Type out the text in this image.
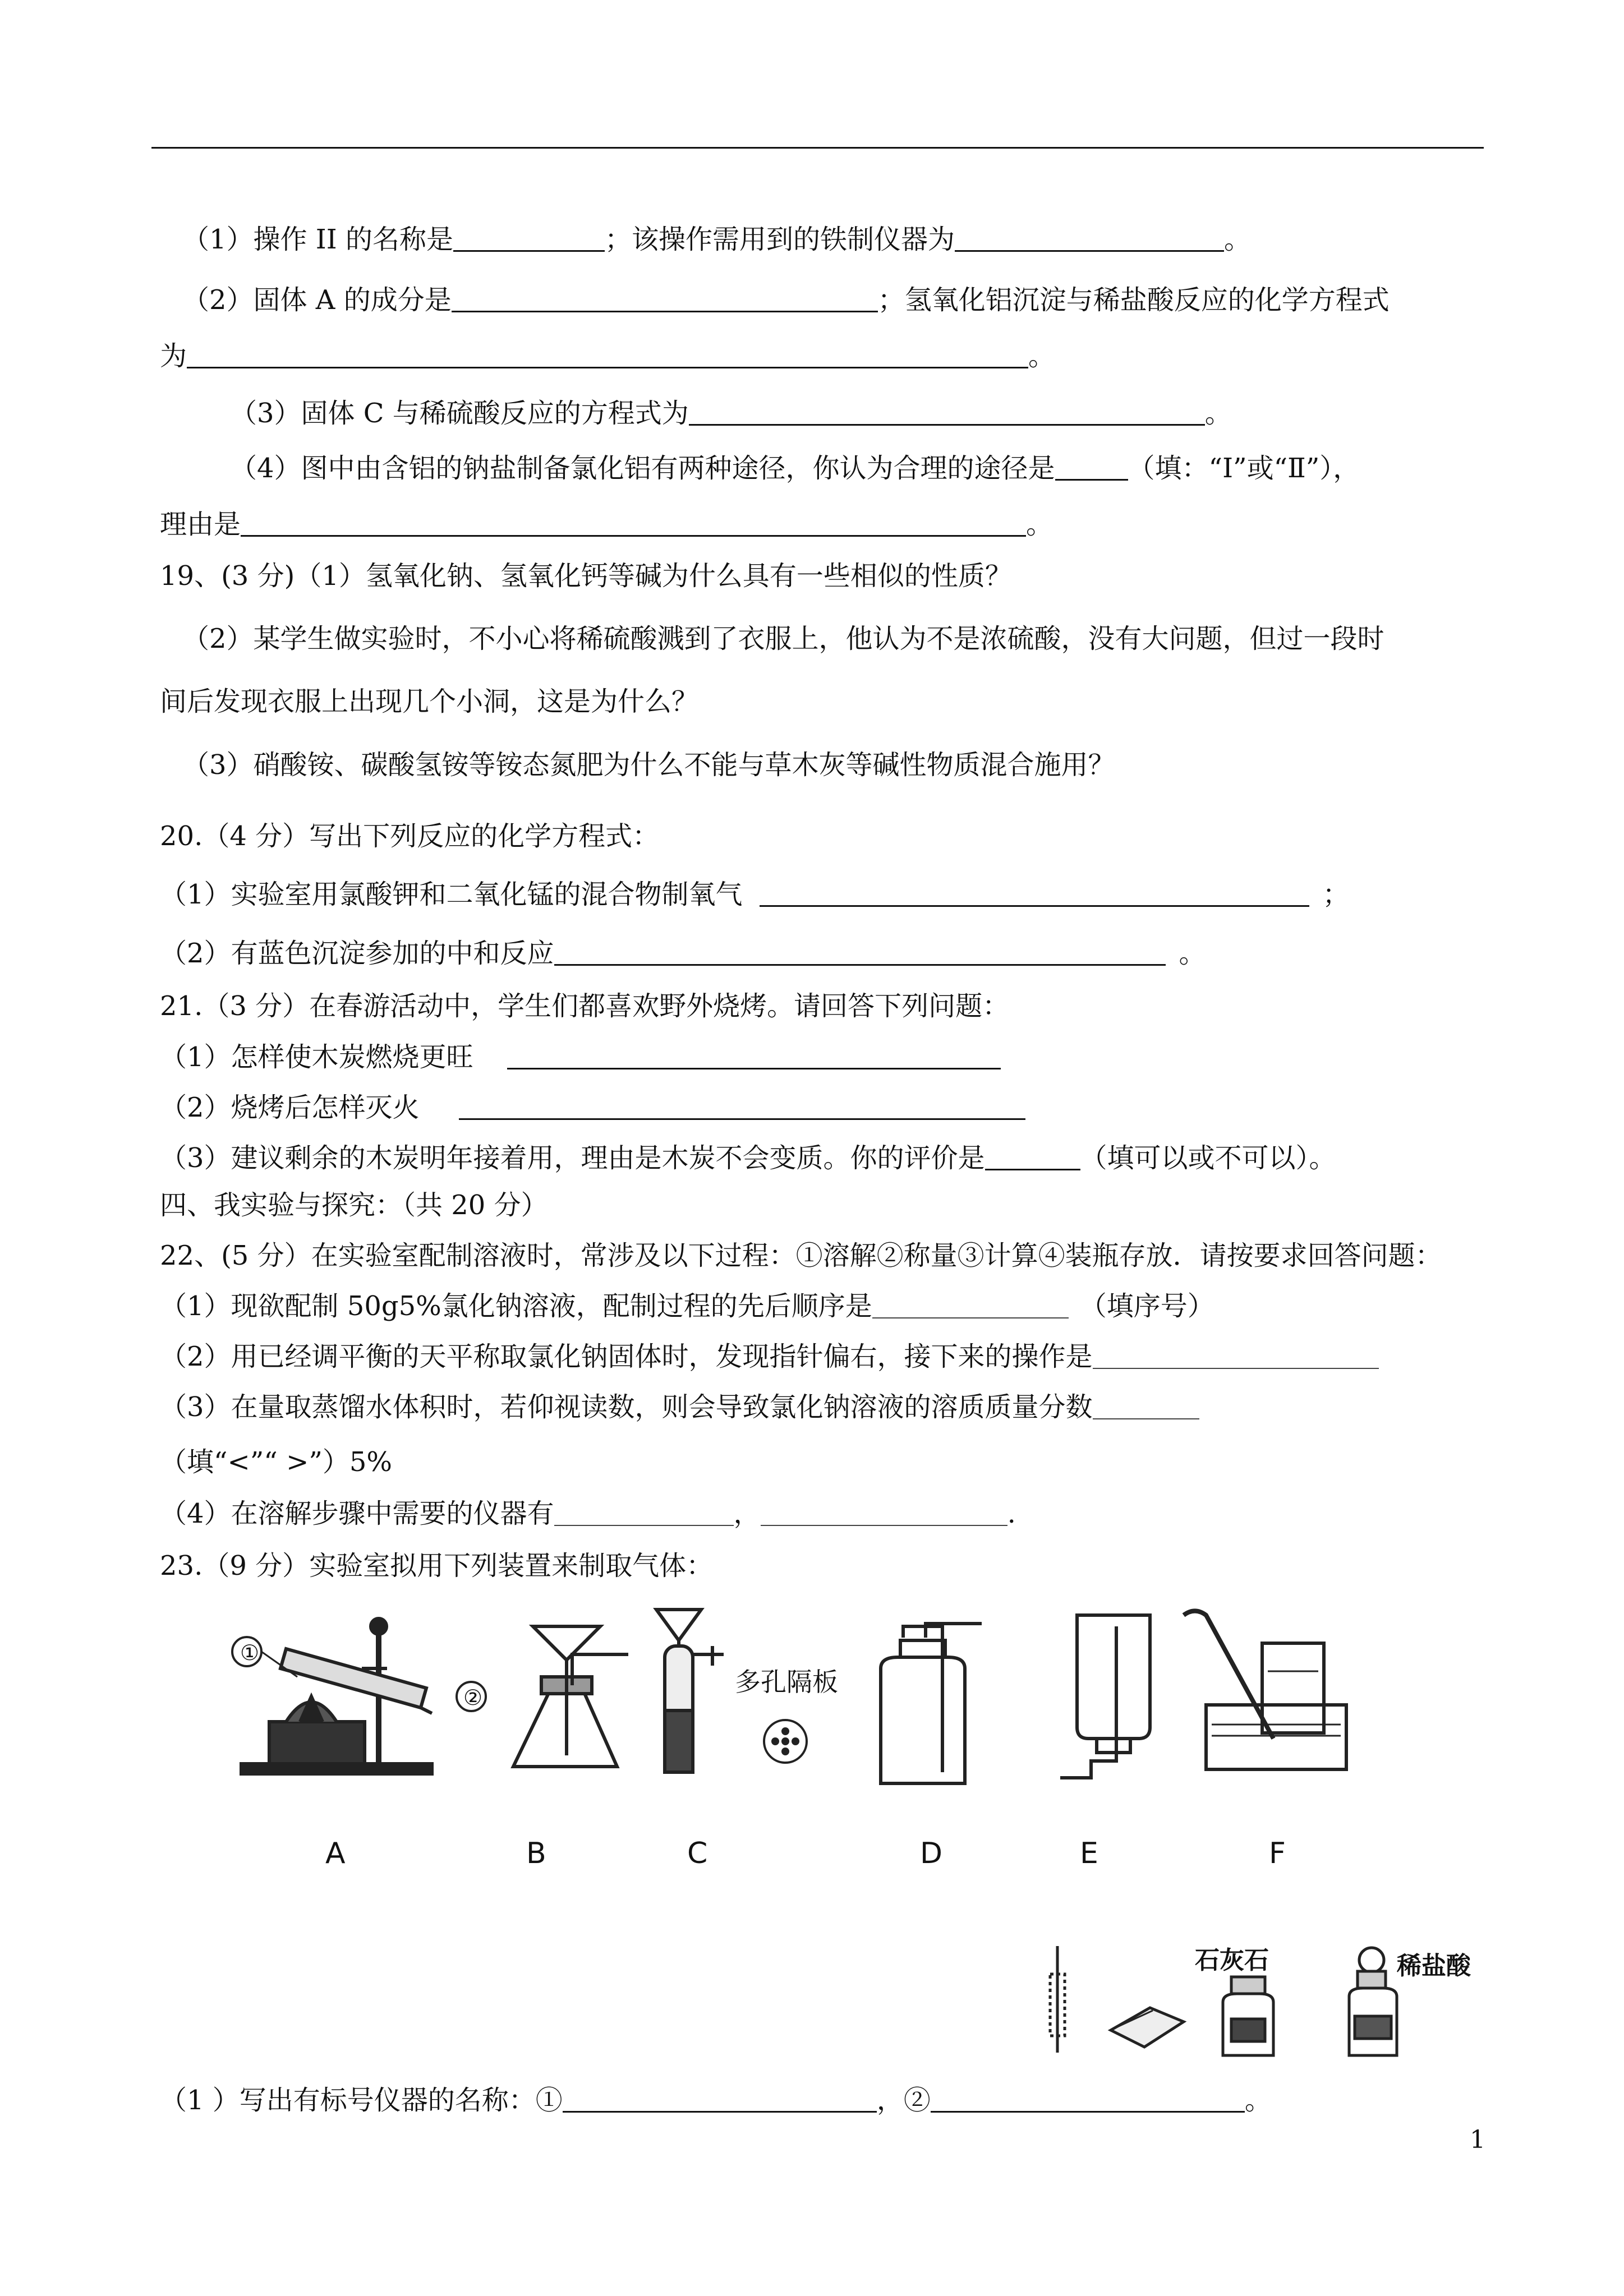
（1）操作 II 的名称是	；该操作需用到的铁制仪器为	。
（2）固体 A 的成分是	；氢氧化铝沉淀与稀盐酸反应的化学方程式
为	。
（3）固体 C 与稀硫酸反应的方程式为	。
（4）图中由含铝的钠盐制备氯化铝有两种途径，你认为合理的途径是	（填：“Ⅰ”或“Ⅱ”），
理由是	。
19、(3 分)（1）氢氧化钠、氢氧化钙等碱为什么具有一些相似的性质？
（2）某学生做实验时，不小心将稀硫酸溅到了衣服上，他认为不是浓硫酸，没有大问题，但过一段时
间后发现衣服上出现几个小洞，这是为什么？
（3）硝酸铵、碳酸氢铵等铵态氮肥为什么不能与草木灰等碱性物质混合施用？
20.（4 分）写出下列反应的化学方程式：
（1）实验室用氯酸钾和二氧化锰的混合物制氧气	；
（2）有蓝色沉淀参加的中和反应	。
21.（3 分）在春游活动中，学生们都喜欢野外烧烤。请回答下列问题：
（1）怎样使木炭燃烧更旺
（2）烧烤后怎样灭火
（3）建议剩余的木炭明年接着用，理由是木炭不会变质。你的评价是	（填可以或不可以）。
四、我实验与探究：（共 20 分）
22、(5 分）在实验室配制溶液时，常涉及以下过程：①溶解②称量③计算④装瓶存放．请按要求回答问题：
（1）现欲配制 50g5%氯化钠溶液，配制过程的先后顺序是	（填序号）
（2）用已经调平衡的天平称取氯化钠固体时，发现指针偏右，接下来的操作是
（3）在量取蒸馏水体积时，若仰视读数，则会导致氯化钠溶液的溶质质量分数
（填“<”“ >”）5%
（4）在溶解步骤中需要的仪器有	，	.
23.（9 分）实验室拟用下列装置来制取气体：
①
②
多孔隔板
A	B	C	D	E	F
石灰石	稀盐酸
（1 ）写出有标号仪器的名称：①	，②	。
1
